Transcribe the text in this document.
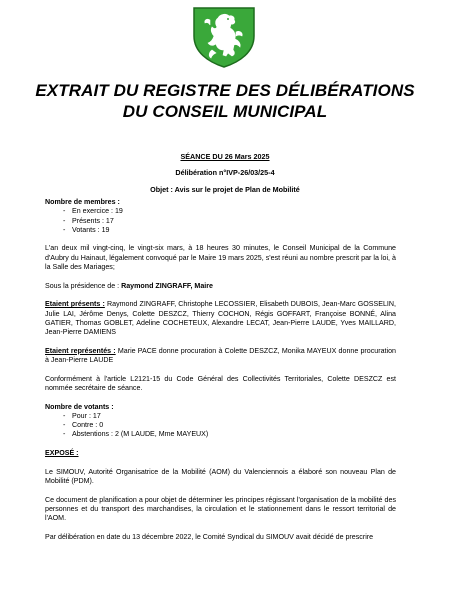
EXTRAIT DU REGISTRE DES DÉLIBÉRATIONS
DU CONSEIL MUNICIPAL
SÉANCE DU 26 Mars 2025
Délibération n°IVP-26/03/25-4
Objet : Avis sur le projet de Plan de Mobilité

Nombre de membres :

- En exercice : 19
- Présents : 17
- Votants : 19

L'an deux mil vingt-cinq, le vingt-six mars, à 18 heures 30 minutes, le Conseil Municipal de la Commune d'Aubry du Hainaut, légalement convoqué par le Maire 19 mars 2025, s'est réuni au nombre prescrit par la loi, à la Salle des Mariages;

Sous la présidence de : Raymond ZINGRAFF, Maire

Etaient présents : Raymond ZINGRAFF, Christophe LECOSSIER, Elisabeth DUBOIS, Jean-Marc GOSSELIN, Julie LAI, Jérôme Denys, Colette DESZCZ, Thierry COCHON, Régis GOFFART, Françoise BONNÉ, Alina GATIER, Thomas GOBLET, Adeline COCHETEUX, Alexandre LECAT, Jean-Pierre LAUDE, Yves MAILLARD, Jean-Pierre DAMIENS

Etaient représentés : Marie PACE donne procuration à Colette DESZCZ, Monika MAYEUX donne procuration à Jean-Pierre LAUDE

Conformément à l'article L2121-15 du Code Général des Collectivités Territoriales, Colette DESZCZ est nommée secrétaire de séance.

Nombre de votants :

- Pour : 17
- Contre : 0
- Abstentions : 2 (M LAUDE, Mme MAYEUX)

EXPOSÉ :

Le SIMOUV, Autorité Organisatrice de la Mobilité (AOM) du Valenciennois a élaboré son nouveau Plan de Mobilité (PDM).

Ce document de planification a pour objet de déterminer les principes régissant l'organisation de la mobilité des personnes et du transport des marchandises, la circulation et le stationnement dans le ressort territorial de l'AOM.

Par délibération en date du 13 décembre 2022, le Comité Syndical du SIMOUV avait décidé de prescrire
